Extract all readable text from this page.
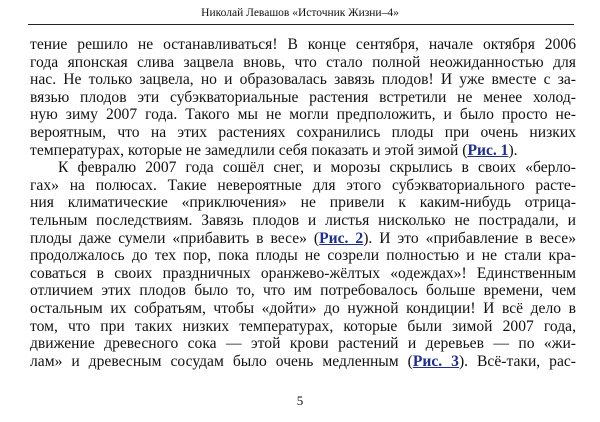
Николай Левашов «Источник Жизни–4»
тение решило не останавливаться! В конце сентября, начале октября 2006
года японская слива зацвела вновь, что стало полной неожиданностью для
нас. Не только зацвела, но и образовалась завязь плодов! И уже вместе с за-
вязью плодов эти субэкваториальные растения встретили не менее холод-
ную зиму 2007 года. Такого мы не могли предположить, и было просто не-
вероятным, что на этих растениях сохранились плоды при очень низких
температурах, которые не замедлили себя показать и этой зимой (Рис. 1).
К февралю 2007 года сошёл снег, и морозы скрылись в своих «берло-
гах» на полюсах. Такие невероятные для этого субэкваториального расте-
ния климатические «приключения» не привели к каким-нибудь отрица-
тельным последствиям. Завязь плодов и листья нисколько не пострадали, и
плоды даже сумели «прибавить в весе» (Рис. 2). И это «прибавление в весе»
продолжалось до тех пор, пока плоды не созрели полностью и не стали кра-
соваться в своих праздничных оранжево-жёлтых «одеждах»! Единственным
отличием этих плодов было то, что им потребовалось больше времени, чем
остальным их собратьям, чтобы «дойти» до нужной кондиции! И всё дело в
том, что при таких низких температурах, которые были зимой 2007 года,
движение древесного сока — этой крови растений и деревьев — по «жи-
лам» и древесным сосудам было очень медленным (Рис. 3). Всё-таки, рас-
5
